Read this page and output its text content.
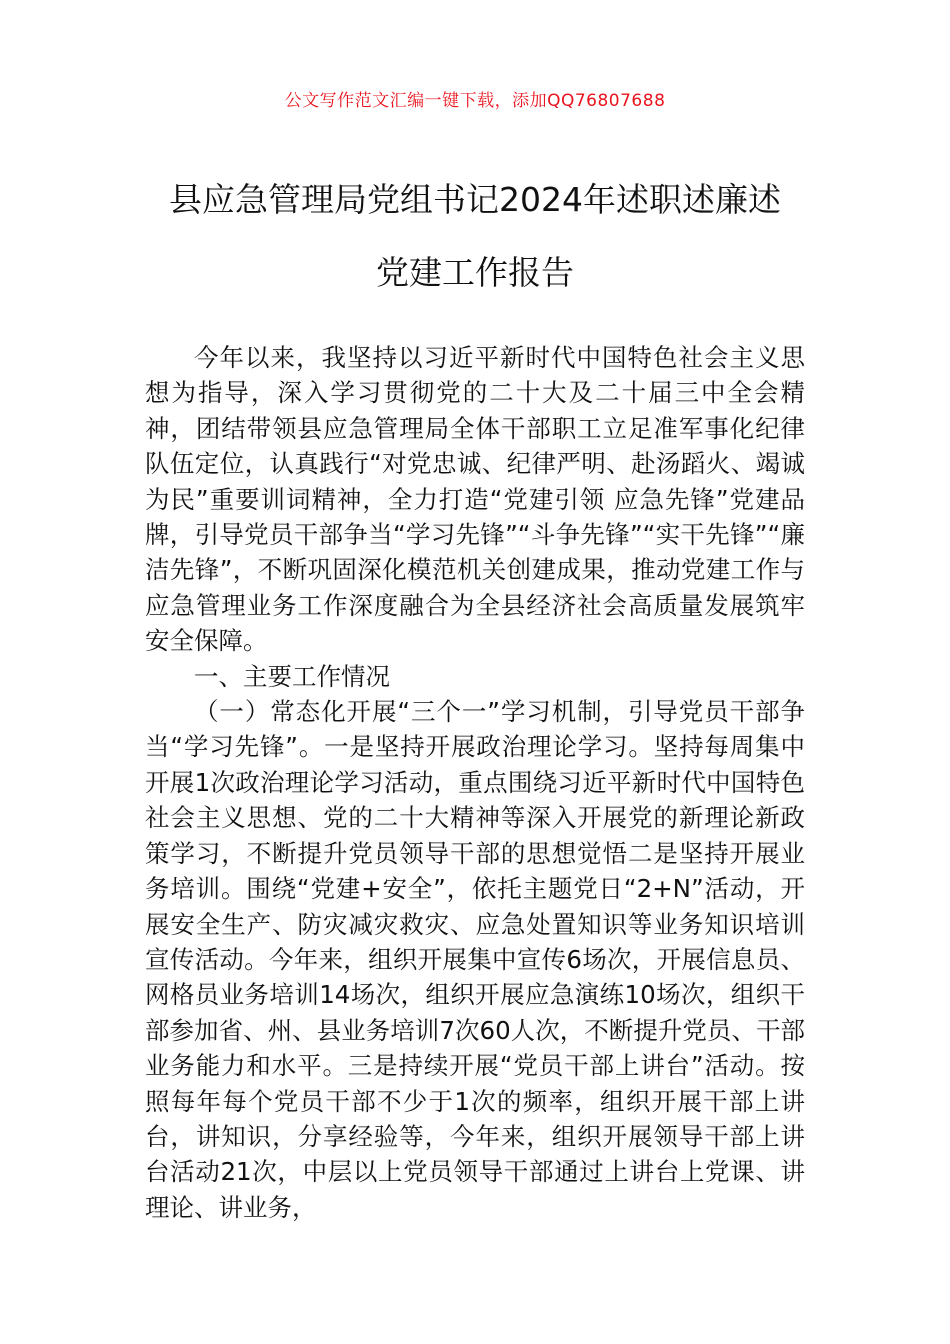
公文写作范文汇编一键下载，添加QQ76807688
县应急管理局党组书记2024年述职述廉述
党建工作报告

今年以来，我坚持以习近平新时代中国特色社会主义思想为指导，深入学习贯彻党的二十大及二十届三中全会精神，团结带领县应急管理局全体干部职工立足准军事化纪律队伍定位，认真践行“对党忠诚、纪律严明、赴汤蹈火、竭诚为民”重要训词精神，全力打造“党建引领 应急先锋”党建品牌，引导党员干部争当“学习先锋”“斗争先锋”“实干先锋”“廉洁先锋”，不断巩固深化模范机关创建成果，推动党建工作与应急管理业务工作深度融合为全县经济社会高质量发展筑牢安全保障。

一、主要工作情况

（一）常态化开展“三个一”学习机制，引导党员干部争当“学习先锋”。一是坚持开展政治理论学习。坚持每周集中开展1次政治理论学习活动，重点围绕习近平新时代中国特色社会主义思想、党的二十大精神等深入开展党的新理论新政策学习，不断提升党员领导干部的思想觉悟二是坚持开展业务培训。围绕“党建+安全”，依托主题党日“2+N”活动，开展安全生产、防灾减灾救灾、应急处置知识等业务知识培训宣传活动。今年来，组织开展集中宣传6场次，开展信息员、网格员业务培训14场次，组织开展应急演练10场次，组织干部参加省、州、县业务培训7次60人次，不断提升党员、干部业务能力和水平。三是持续开展“党员干部上讲台”活动。按照每年每个党员干部不少于1次的频率，组织开展干部上讲台，讲知识，分享经验等，今年来，组织开展领导干部上讲台活动21次，中层以上党员领导干部通过上讲台上党课、讲理论、讲业务，
